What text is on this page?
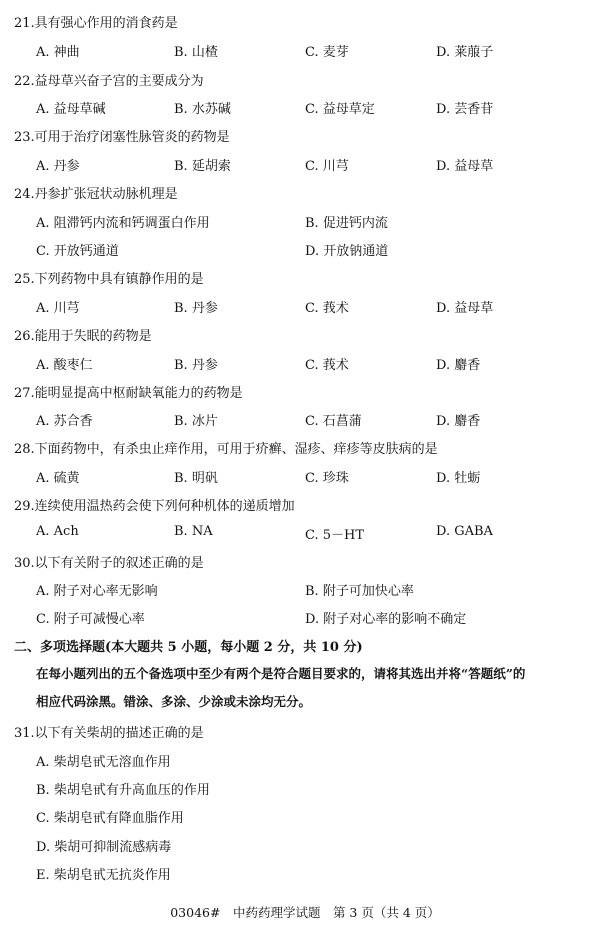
21.具有强心作用的消食药是
A. 神曲	B. 山楂	C. 麦芽	D. 莱菔子
22.益母草兴奋子宫的主要成分为
A. 益母草碱	B. 水苏碱	C. 益母草定	D. 芸香苷
23.可用于治疗闭塞性脉管炎的药物是
A. 丹参	B. 延胡索	C. 川芎	D. 益母草
24.丹参扩张冠状动脉机理是
A. 阻滞钙内流和钙调蛋白作用	B. 促进钙内流
C. 开放钙通道	D. 开放钠通道
25.下列药物中具有镇静作用的是
A. 川芎	B. 丹参	C. 莪术	D. 益母草
26.能用于失眠的药物是
A. 酸枣仁	B. 丹参	C. 莪术	D. 麝香
27.能明显提高中枢耐缺氧能力的药物是
A. 苏合香	B. 冰片	C. 石菖蒲	D. 麝香
28.下面药物中，有杀虫止痒作用，可用于疥癣、湿疹、痒疹等皮肤病的是
A. 硫黄	B. 明矾	C. 珍珠	D. 牡蛎
29.连续使用温热药会使下列何种机体的递质增加
A. Ach	B. NA	C. 5－HT	D. GABA
30.以下有关附子的叙述正确的是
A. 附子对心率无影响	B. 附子可加快心率
C. 附子可减慢心率	D. 附子对心率的影响不确定
二、多项选择题(本大题共 5 小题，每小题 2 分，共 10 分)
在每小题列出的五个备选项中至少有两个是符合题目要求的，请将其选出并将“答题纸”的
相应代码涂黑。错涂、多涂、少涂或未涂均无分。
31.以下有关柴胡的描述正确的是
A. 柴胡皂甙无溶血作用
B. 柴胡皂甙有升高血压的作用
C. 柴胡皂甙有降血脂作用
D. 柴胡可抑制流感病毒
E. 柴胡皂甙无抗炎作用
03046#　中药药理学试题　第 3 页（共 4 页）
